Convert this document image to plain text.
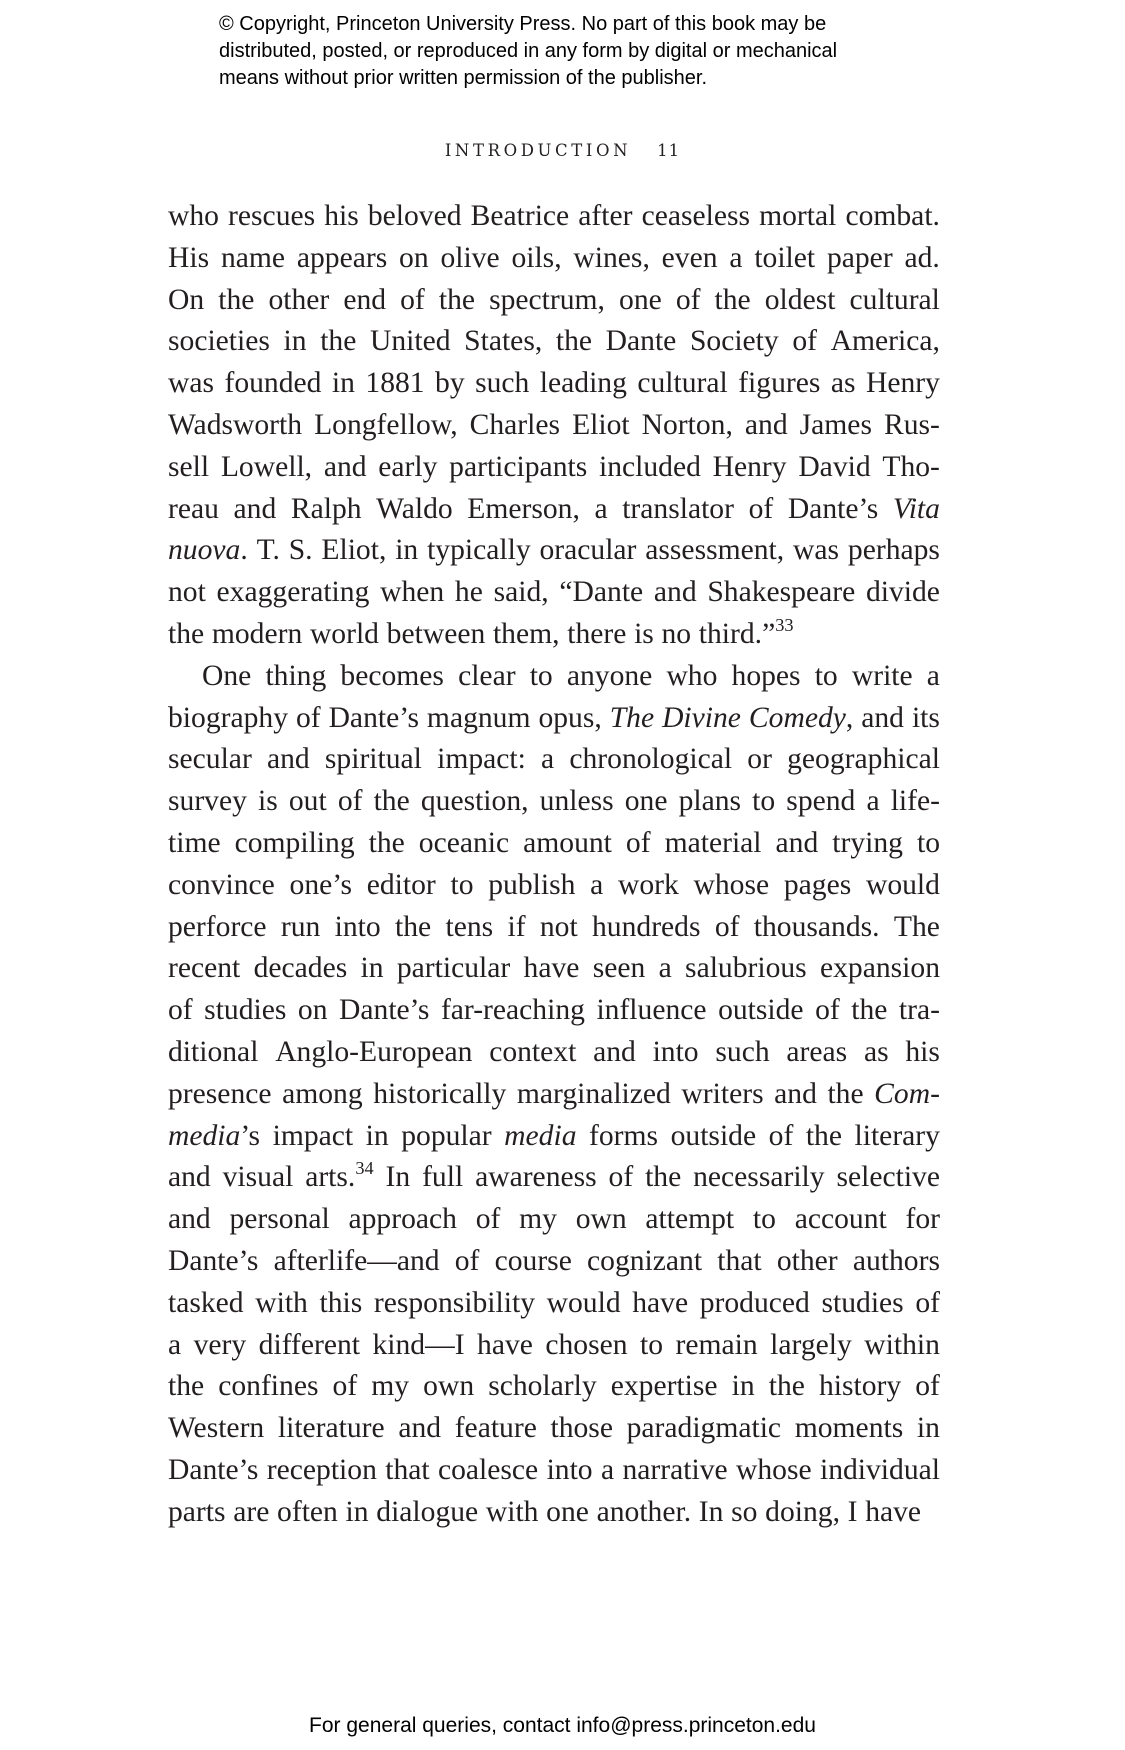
© Copyright, Princeton University Press. No part of this book may be
distributed, posted, or reproduced in any form by digital or mechanical
means without prior written permission of the publisher.
INTRODUCTION 11
who rescues his beloved Beatrice after ceaseless mortal combat.
His name appears on olive oils, wines, even a toilet paper ad.
On the other end of the spectrum, one of the oldest cultural
societies in the United States, the Dante Society of America,
was founded in 1881 by such leading cultural figures as Henry
Wadsworth Longfellow, Charles Eliot Norton, and James Rus-
sell Lowell, and early participants included Henry David Tho-
reau and Ralph Waldo Emerson, a translator of Dante’s Vita
nuova. T. S. Eliot, in typically oracular assessment, was perhaps
not exaggerating when he said, “Dante and Shakespeare divide
the modern world between them, there is no third.”$^{33}$
One thing becomes clear to anyone who hopes to write a
biography of Dante’s magnum opus, The Divine Comedy, and its
secular and spiritual impact: a chronological or geographical
survey is out of the question, unless one plans to spend a life-
time compiling the oceanic amount of material and trying to
convince one’s editor to publish a work whose pages would
perforce run into the tens if not hundreds of thousands. The
recent decades in particular have seen a salubrious expansion
of studies on Dante’s far-reaching influence outside of the tra-
ditional Anglo-European context and into such areas as his
presence among historically marginalized writers and the Com-
media’s impact in popular media forms outside of the literary
and visual arts.$^{34}$ In full awareness of the necessarily selective
and personal approach of my own attempt to account for
Dante’s afterlife—and of course cognizant that other authors
tasked with this responsibility would have produced studies of
a very different kind—I have chosen to remain largely within
the confines of my own scholarly expertise in the history of
Western literature and feature those paradigmatic moments in
Dante’s reception that coalesce into a narrative whose individual
parts are often in dialogue with one another. In so doing, I have
For general queries, contact info@press.princeton.edu
